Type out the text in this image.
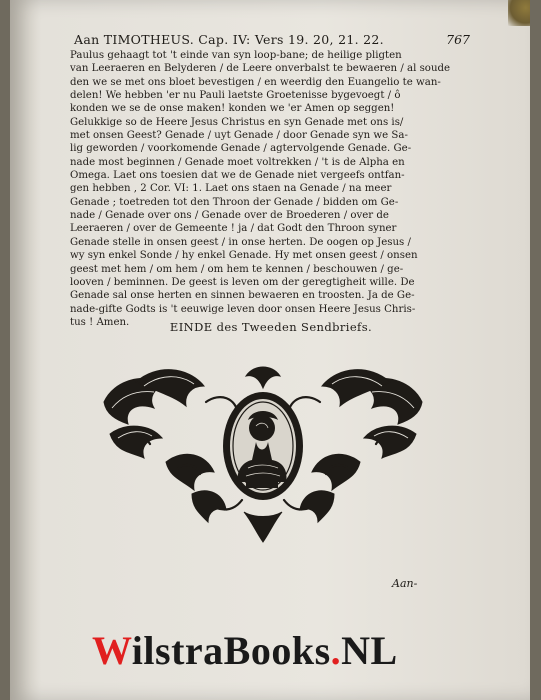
Aan TIMOTHEUS. Cap. IV: Vers 19. 20, 21. 22.	767
Paulus gehaagt tot 't einde van syn loop-bane; de heilige pligten
van Leeraeren en Belyderen / de Leere onverbalst te bewaeren / al soude
den we se met ons bloet bevestigen / en weerdig den Euangelio te wan-
delen! We hebben 'er nu Pauli laetste Groetenisse bygevoegt / ô
konden we se de onse maken! konden we 'er Amen op seggen!
Gelukkige so de Heere Jesus Christus en syn Genade met ons is/
met onsen Geest? Genade / uyt Genade / door Genade syn we Sa-
lig geworden / voorkomende Genade / agtervolgende Genade. Ge-
nade most beginnen / Genade moet voltrekken / 't is de Alpha en
Omega. Laet ons toesien dat we de Genade niet vergeefs ontfan-
gen hebben , 2 Cor. VI: 1. Laet ons staen na Genade / na meer
Genade ; toetreden tot den Throon der Genade / bidden om Ge-
nade / Genade over ons / Genade over de Broederen / over de
Leeraeren / over de Gemeente ! ja / dat Godt den Throon syner
Genade stelle in onsen geest / in onse herten. De oogen op Jesus /
wy syn enkel Sonde / hy enkel Genade. Hy met onsen geest / onsen
geest met hem / om hem / om hem te kennen / beschouwen / ge-
looven / beminnen. De geest is leven om der geregtigheit wille. De
Genade sal onse herten en sinnen bewaeren en troosten. Ja de Ge-
nade-gifte Godts is 't eeuwige leven door onsen Heere Jesus Chris-
tus ! Amen.	EINDE des Tweeden Sendbriefs.
Aan-
WilstraBooks.NL
